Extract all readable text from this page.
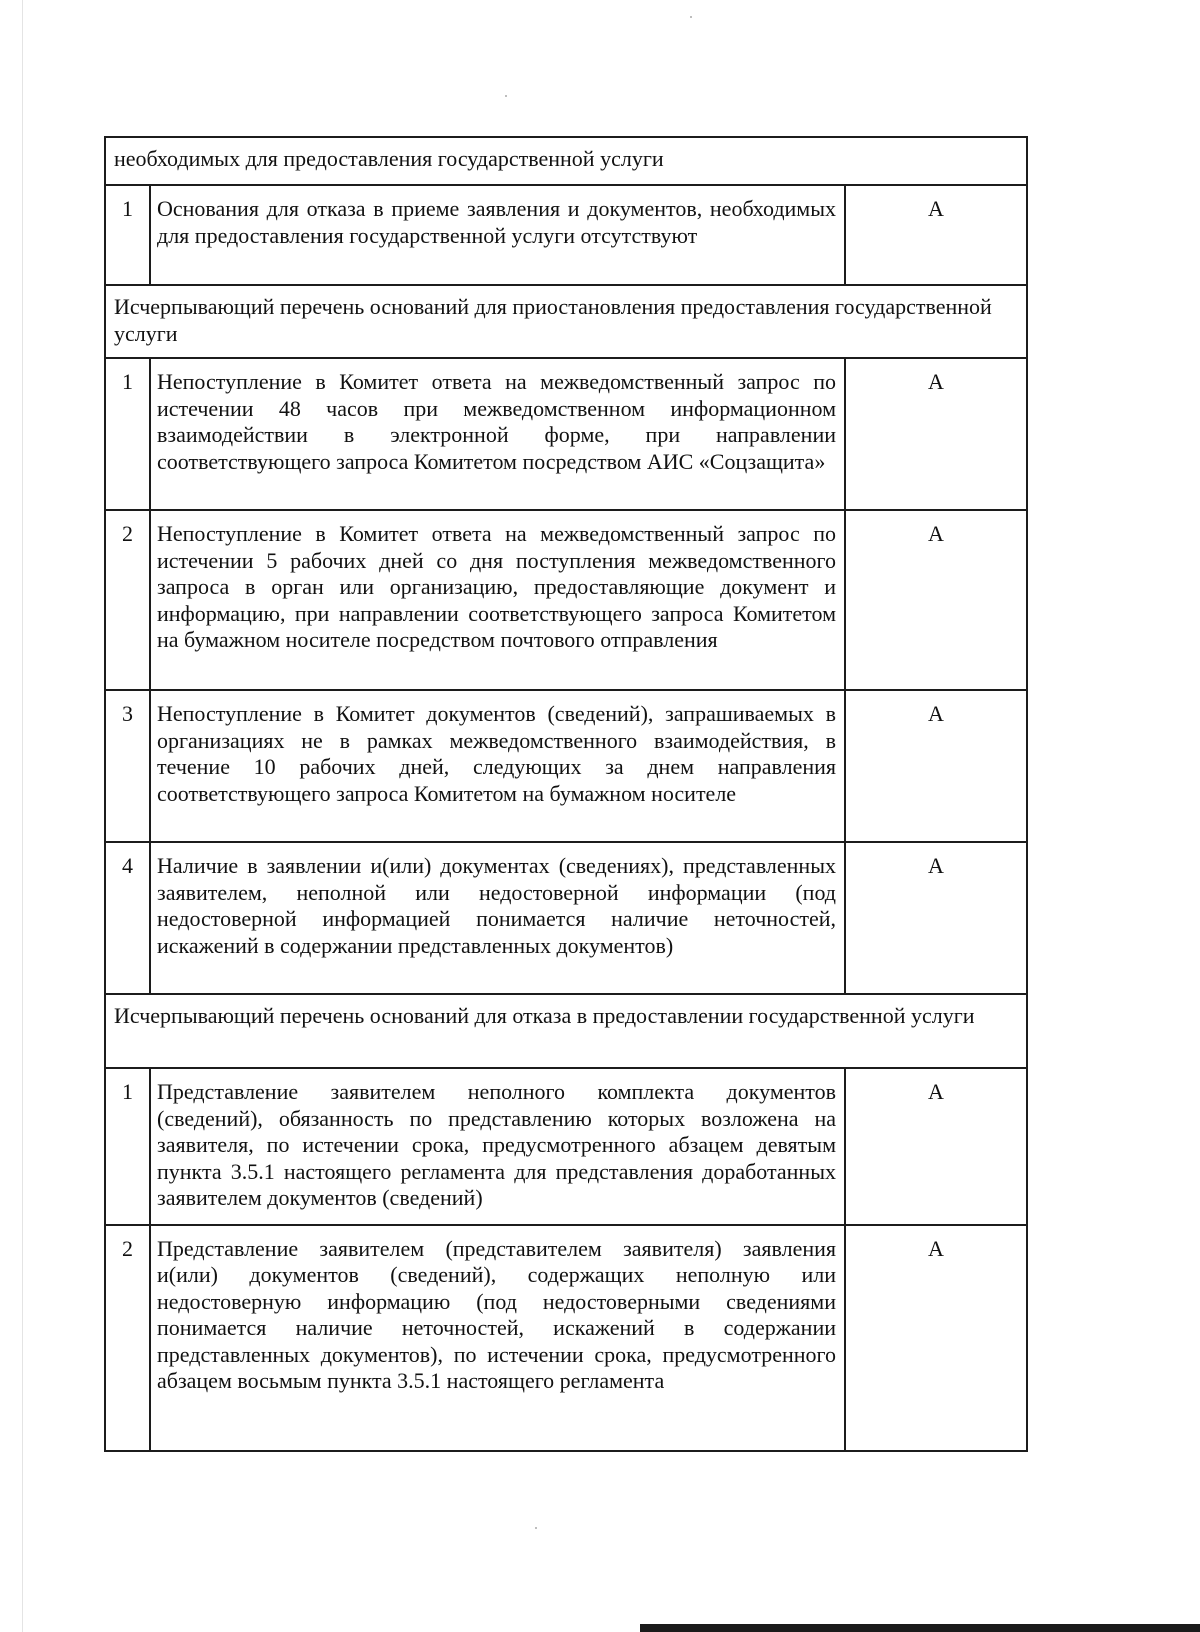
необходимых для предоставления государственной услуги		
1	Основания для отказа в приеме заявления и документов, необходимых для предоставления государственной услуги отсутствуют	А
Исчерпывающий перечень оснований для приостановления предоставления государственной услуги		
1	Непоступление в Комитет ответа на межведомственный запрос по истечении 48 часов при межведомственном информационном взаимодействии в электронной форме, при направлении соответствующего запроса Комитетом посредством АИС «Соцзащита»	А
2	Непоступление в Комитет ответа на межведомственный запрос по истечении 5 рабочих дней со дня поступления межведомственного запроса в орган или организацию, предоставляющие документ и информацию, при направлении соответствующего запроса Комитетом на бумажном носителе посредством почтового отправления	А
3	Непоступление в Комитет документов (сведений), запрашиваемых в организациях не в рамках межведомственного взаимодействия, в течение 10 рабочих дней, следующих за днем направления соответствующего запроса Комитетом на бумажном носителе	А
4	Наличие в заявлении и(или) документах (сведениях), представленных заявителем, неполной или недостоверной информации (под недостоверной информацией понимается наличие неточностей, искажений в содержании представленных документов)	А
Исчерпывающий перечень оснований для отказа в предоставлении государственной услуги		
1	Представление заявителем неполного комплекта документов (сведений), обязанность по представлению которых возложена на заявителя, по истечении срока, предусмотренного абзацем девятым пункта 3.5.1 настоящего регламента для представления доработанных заявителем документов (сведений)	А
2	Представление заявителем (представителем заявителя) заявления и(или) документов (сведений), содержащих неполную или недостоверную информацию (под недостоверными сведениями понимается наличие неточностей, искажений в содержании представленных документов), по истечении срока, предусмотренного абзацем восьмым пункта 3.5.1 настоящего регламента	А
